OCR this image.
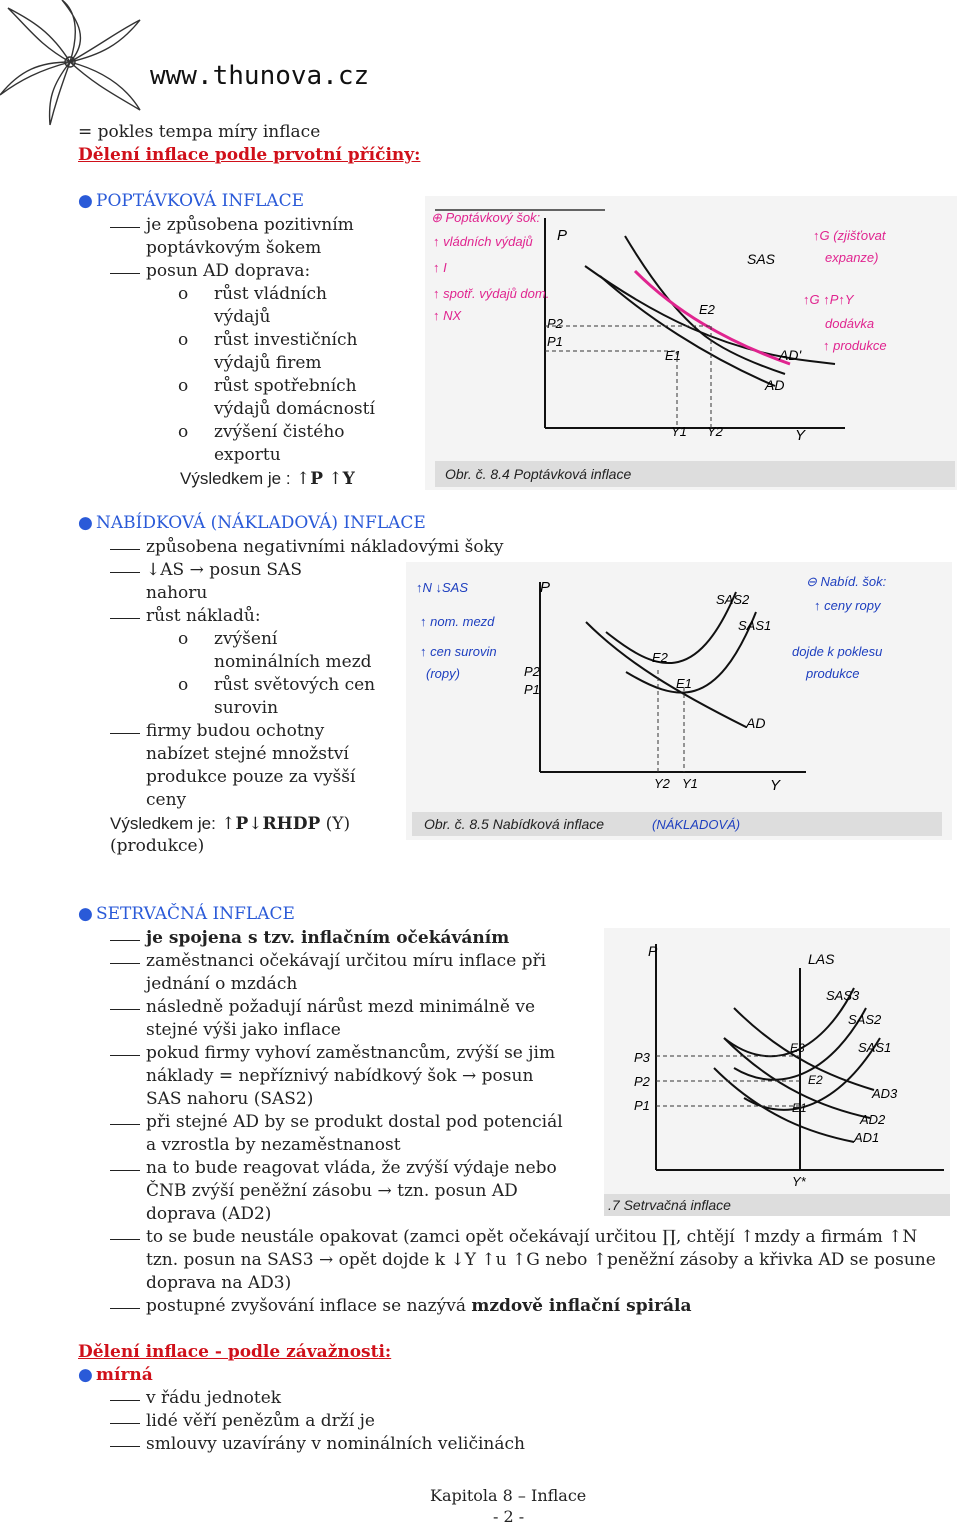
www.thunova.cz
= pokles tempa míry inflace
Dělení inflace podle prvotní příčiny:
● POPTÁVKOVÁ INFLACE
je způsobena pozitivním
poptávkovým šokem
posun AD doprava:
o růst vládních
výdajů
o růst investičních
výdajů firem
o růst spotřebních
výdajů domácností
o zvýšení čistého
exportu
Výsledkem je : ↑P ↑Y
● NABÍDKOVÁ (NÁKLADOVÁ) INFLACE
způsobena negativními nákladovými šoky
↓AS → posun SAS
nahoru
růst nákladů:
o zvýšení
nominálních mezd
o růst světových cen
surovin
firmy budou ochotny
nabízet stejné množství
produkce pouze za vyšší
ceny
Výsledkem je: ↑P↓RHDP (Y)
(produkce)
● SETRVAČNÁ INFLACE
je spojena s tzv. inflačním očekáváním
zaměstnanci očekávají určitou míru inflace při
jednání o mzdách
následně požadují nárůst mezd minimálně ve
stejné výši jako inflace
pokud firmy vyhoví zaměstnancům, zvýší se jim
náklady = nepříznivý nabídkový šok → posun
SAS nahoru (SAS2)
při stejné AD by se produkt dostal pod potenciál
a vzrostla by nezaměstnanost
na to bude reagovat vláda, že zvýší výdaje nebo
ČNB zvýší peněžní zásobu → tzn. posun AD
doprava (AD2)
to se bude neustále opakovat (zamci opět očekávají určitou ∏, chtějí ↑mzdy a firmám ↑N
tzn. posun na SAS3 → opět dojde k ↓Y ↑u ↑G nebo ↑peněžní zásoby a křivka AD se posune
doprava na AD3)
postupné zvyšování inflace se nazývá mzdově inflační spirála
Dělení inflace - podle závažnosti:
● mírná
v řádu jednotek
lidé věří penězům a drží je
smlouvy uzavírány v nominálních veličinách
Kapitola 8 – Inflace
- 2 -
P
Y
SAS
AD
AD'
E1
E2
P2
P1
Y1 Y2
⊕ Poptávkový šok:
↑ vládních výdajů
↑ I
↑ spotř. výdajů dom.
↑ NX
↑G (zjišťovat
expanze)
↑G ↑P↑Y
dodávka
↑ produkce
Obr. č. 8.4 Poptávková inflace
P
Y
SAS2
SAS1
AD
E2
E1
P2
P1
Y2 Y1
↑N ↓SAS
↑ nom. mezd
↑ cen surovin
(ropy)
⊖ Nabíd. šok:
↑ ceny ropy
dojde k poklesu
produkce
Obr. č. 8.5 Nabídková inflace	(NÁKLADOVÁ)
P	LAS
SAS3
SAS2
SAS1
AD3
AD2
AD1
E3
E2
E1
P3
P2
P1
Y*
.7 Setrvačná inflace
